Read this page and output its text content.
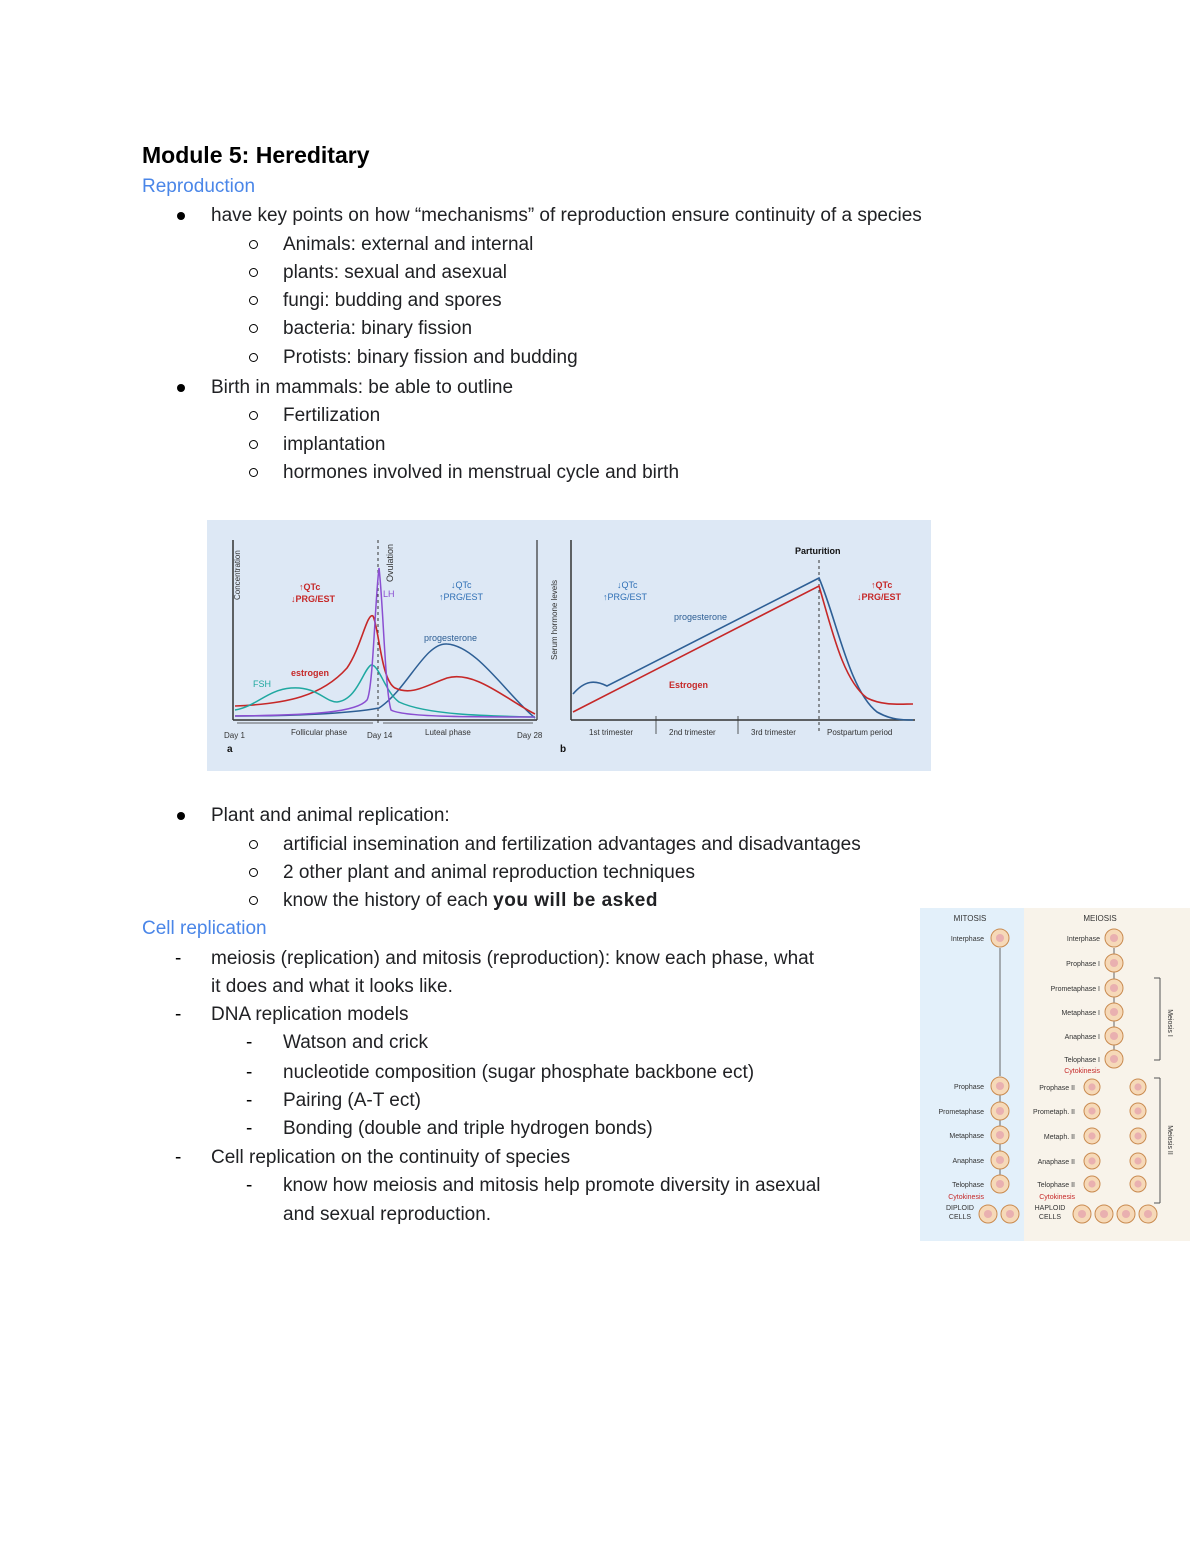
Module 5: Hereditary
Reproduction
have key points on how “mechanisms” of reproduction ensure continuity of a species
Animals: external and internal
plants: sexual and asexual
fungi: budding and spores
bacteria: binary fission
Protists: binary fission and budding
Birth in mammals: be able to outline
Fertilization
implantation
hormones involved in menstrual cycle and birth
Concentration	Ovulation
LH
↑QTc
↓PRG/EST
↓QTc
↑PRG/EST
FSH
estrogen
progesterone
Day 1	Follicular phase Day 14	Luteal phase	Day 28
a
Serum hormone levels
Parturition
↓QTc
↑PRG/EST
↑QTc
↓PRG/EST
progesterone
Estrogen
1st trimester	2nd trimester	3rd trimester	Postpartum period
b
Plant and animal replication:
artificial insemination and fertilization advantages and disadvantages
2 other plant and animal reproduction techniques
know the history of each you will be asked
Cell replication
- meiosis (replication) and mitosis (reproduction): know each phase, what
it does and what it looks like.
- DNA replication models
- Watson and crick
- nucleotide composition (sugar phosphate backbone ect)
- Pairing (A-T ect)
- Bonding (double and triple hydrogen bonds)
- Cell replication on the continuity of species
- know how meiosis and mitosis help promote diversity in asexual
and sexual reproduction.
MITOSIS	MEIOSIS
Interphase
Prophase
Prometaphase
Metaphase
Anaphase
Telophase
Cytokinesis
DIPLOID
CELLS
Interphase
Prophase I
Prometaphase I
Metaphase I
Anaphase I
Telophase I
Cytokinesis
Prophase II
Prometaph. II
Metaph. II
Anaphase II
Telophase II
Cytokinesis
HAPLOID
CELLS
Meiosis I
Meiosis II
